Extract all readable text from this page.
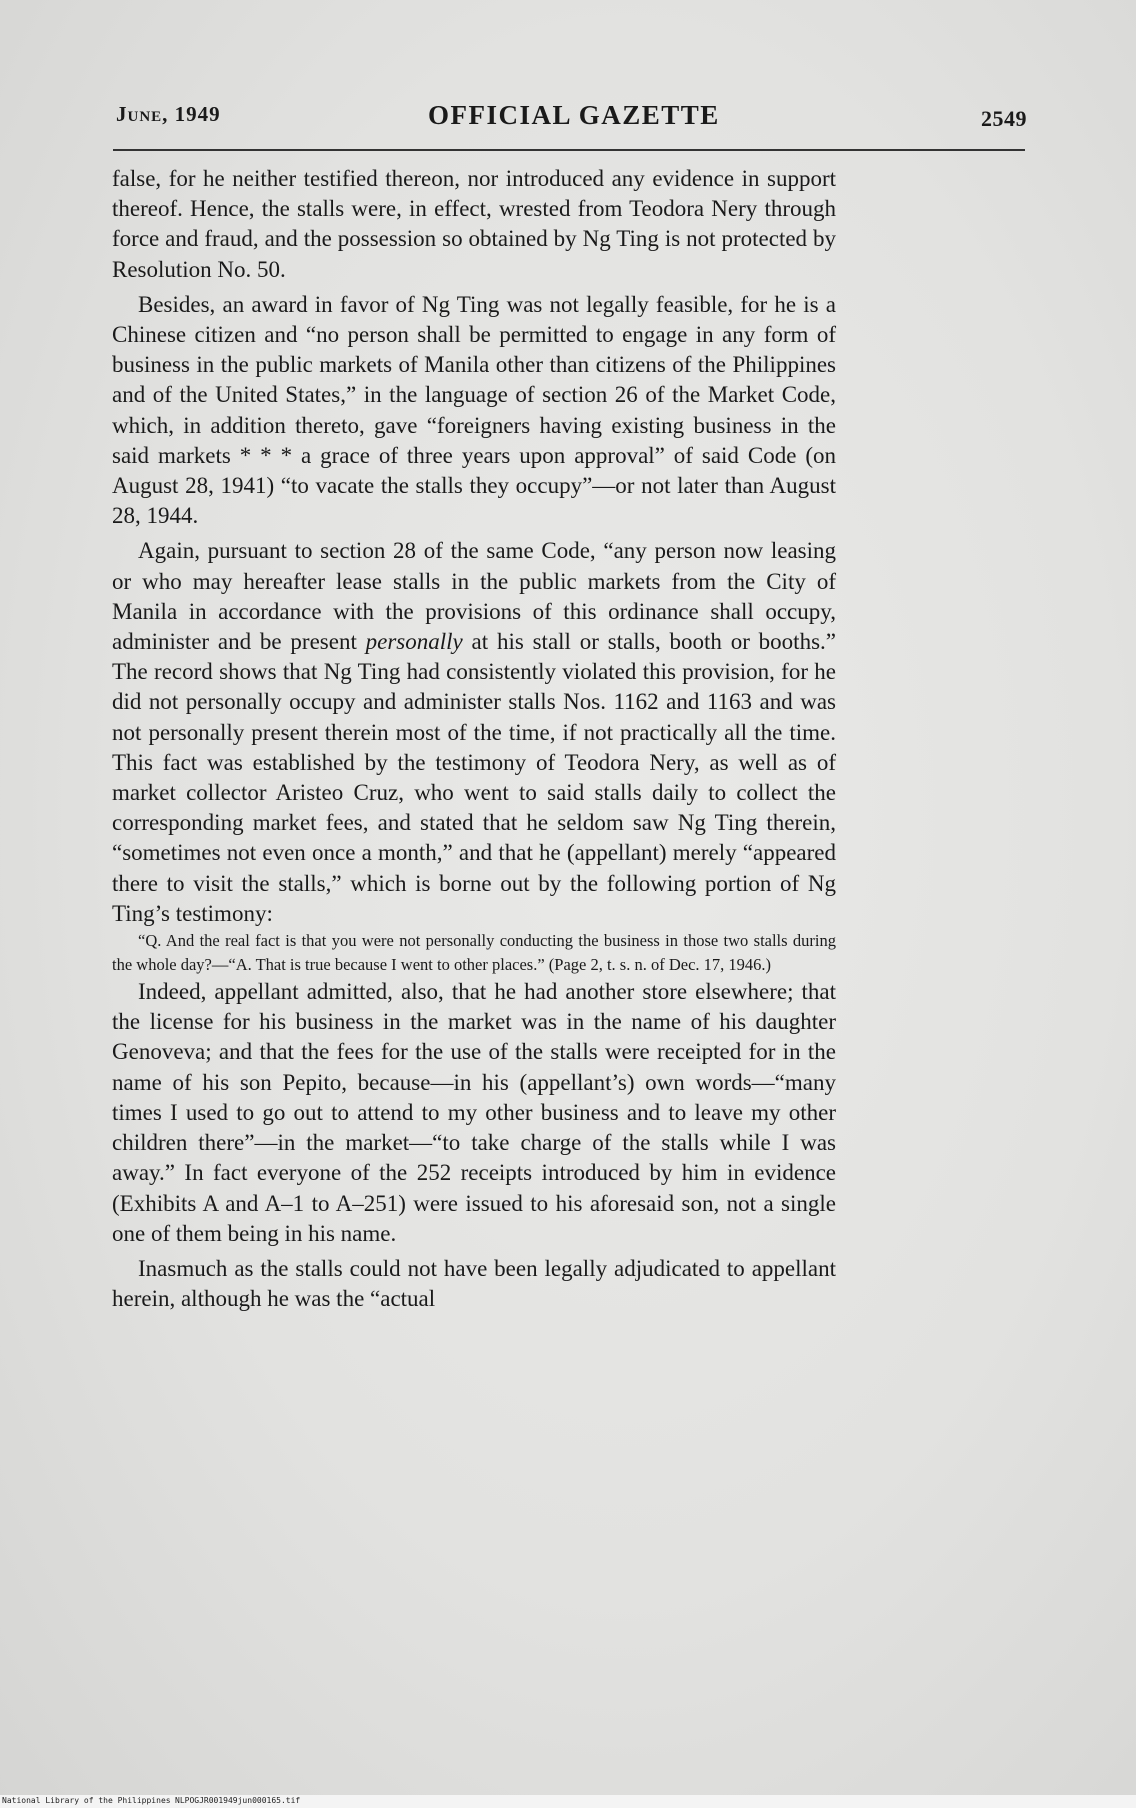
June, 1949	OFFICIAL GAZETTE	2549

false, for he neither testified thereon, nor introduced any evidence in support thereof. Hence, the stalls were, in effect, wrested from Teodora Nery through force and fraud, and the possession so obtained by Ng Ting is not protected by Resolution No. 50.

Besides, an award in favor of Ng Ting was not legally feasible, for he is a Chinese citizen and “no person shall be permitted to engage in any form of business in the public markets of Manila other than citizens of the Philippines and of the United States,” in the language of section 26 of the Market Code, which, in addition thereto, gave “foreigners having existing business in the said markets * * * a grace of three years upon approval” of said Code (on August 28, 1941) “to vacate the stalls they occupy”—or not later than August 28, 1944.

Again, pursuant to section 28 of the same Code, “any person now leasing or who may hereafter lease stalls in the public markets from the City of Manila in accordance with the provisions of this ordinance shall occupy, administer and be present personally at his stall or stalls, booth or booths.” The record shows that Ng Ting had consistently violated this provision, for he did not personally occupy and administer stalls Nos. 1162 and 1163 and was not personally present therein most of the time, if not practically all the time. This fact was established by the testimony of Teodora Nery, as well as of market collector Aristeo Cruz, who went to said stalls daily to collect the corresponding market fees, and stated that he seldom saw Ng Ting therein, “sometimes not even once a month,” and that he (appellant) merely “appeared there to visit the stalls,” which is borne out by the following portion of Ng Ting’s testimony:

“Q. And the real fact is that you were not personally conducting the business in those two stalls during the whole day?—“A. That is true because I went to other places.” (Page 2, t. s. n. of Dec. 17, 1946.)

Indeed, appellant admitted, also, that he had another store elsewhere; that the license for his business in the market was in the name of his daughter Genoveva; and that the fees for the use of the stalls were receipted for in the name of his son Pepito, because—in his (appellant’s) own words—“many times I used to go out to attend to my other business and to leave my other children there”—in the market—“to take charge of the stalls while I was away.” In fact everyone of the 252 receipts introduced by him in evidence (Exhibits A and A–1 to A–251) were issued to his aforesaid son, not a single one of them being in his name.

Inasmuch as the stalls could not have been legally adjudicated to appellant herein, although he was the “actual

National Library of the Philippines NLPOGJR001949jun000165.tif
